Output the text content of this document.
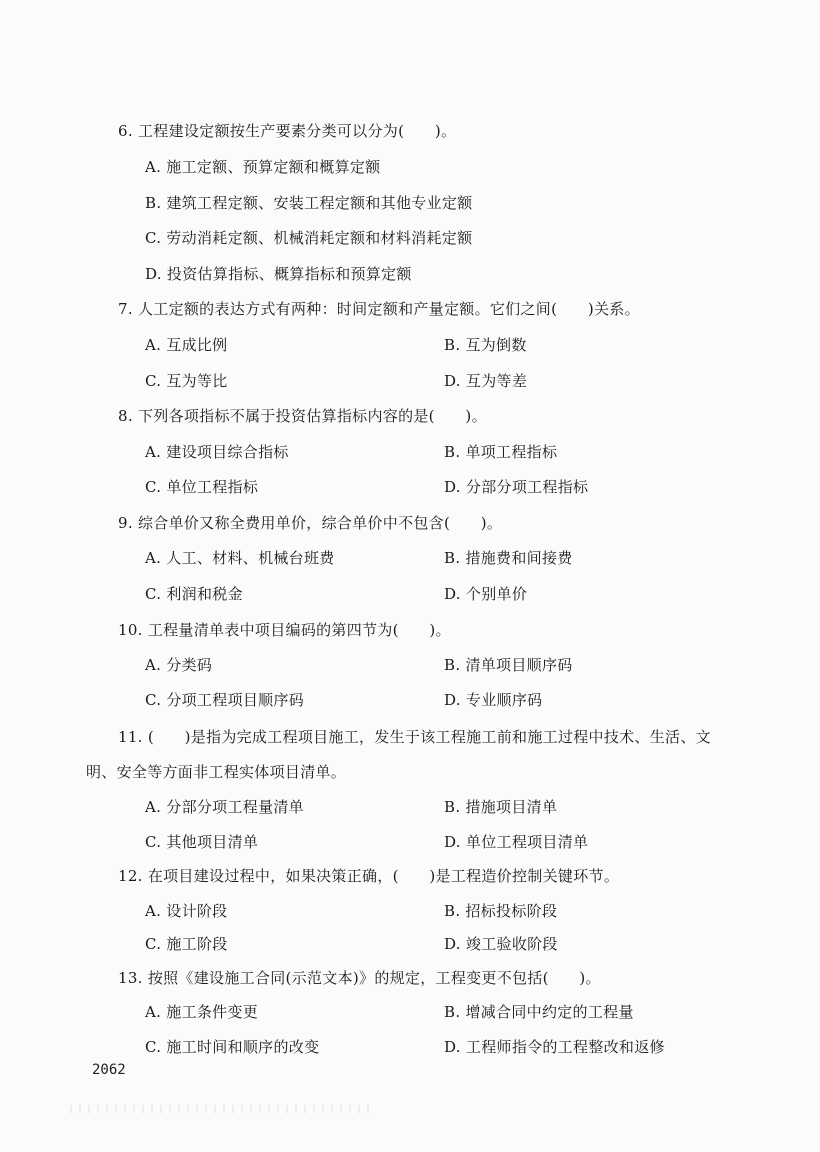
6. 工程建设定额按生产要素分类可以分为(　　)。
A. 施工定额、预算定额和概算定额
B. 建筑工程定额、安装工程定额和其他专业定额
C. 劳动消耗定额、机械消耗定额和材料消耗定额
D. 投资估算指标、概算指标和预算定额
7. 人工定额的表达方式有两种：时间定额和产量定额。它们之间(　　)关系。
A. 互成比例	B. 互为倒数
C. 互为等比	D. 互为等差
8. 下列各项指标不属于投资估算指标内容的是(　　)。
A. 建设项目综合指标	B. 单项工程指标
C. 单位工程指标	D. 分部分项工程指标
9. 综合单价又称全费用单价，综合单价中不包含(　　)。
A. 人工、材料、机械台班费	B. 措施费和间接费
C. 利润和税金	D. 个别单价
10. 工程量清单表中项目编码的第四节为(　　)。
A. 分类码	B. 清单项目顺序码
C. 分项工程项目顺序码	D. 专业顺序码
11. (　　)是指为完成工程项目施工，发生于该工程施工前和施工过程中技术、生活、文
明、安全等方面非工程实体项目清单。
A. 分部分项工程量清单	B. 措施项目清单
C. 其他项目清单	D. 单位工程项目清单
12. 在项目建设过程中，如果决策正确，(　　)是工程造价控制关键环节。
A. 设计阶段	B. 招标投标阶段
C. 施工阶段	D. 竣工验收阶段
13. 按照《建设施工合同(示范文本)》的规定，工程变更不包括(　　)。
A. 施工条件变更	B. 增减合同中约定的工程量
C. 施工时间和顺序的改变	D. 工程师指令的工程整改和返修
2062
